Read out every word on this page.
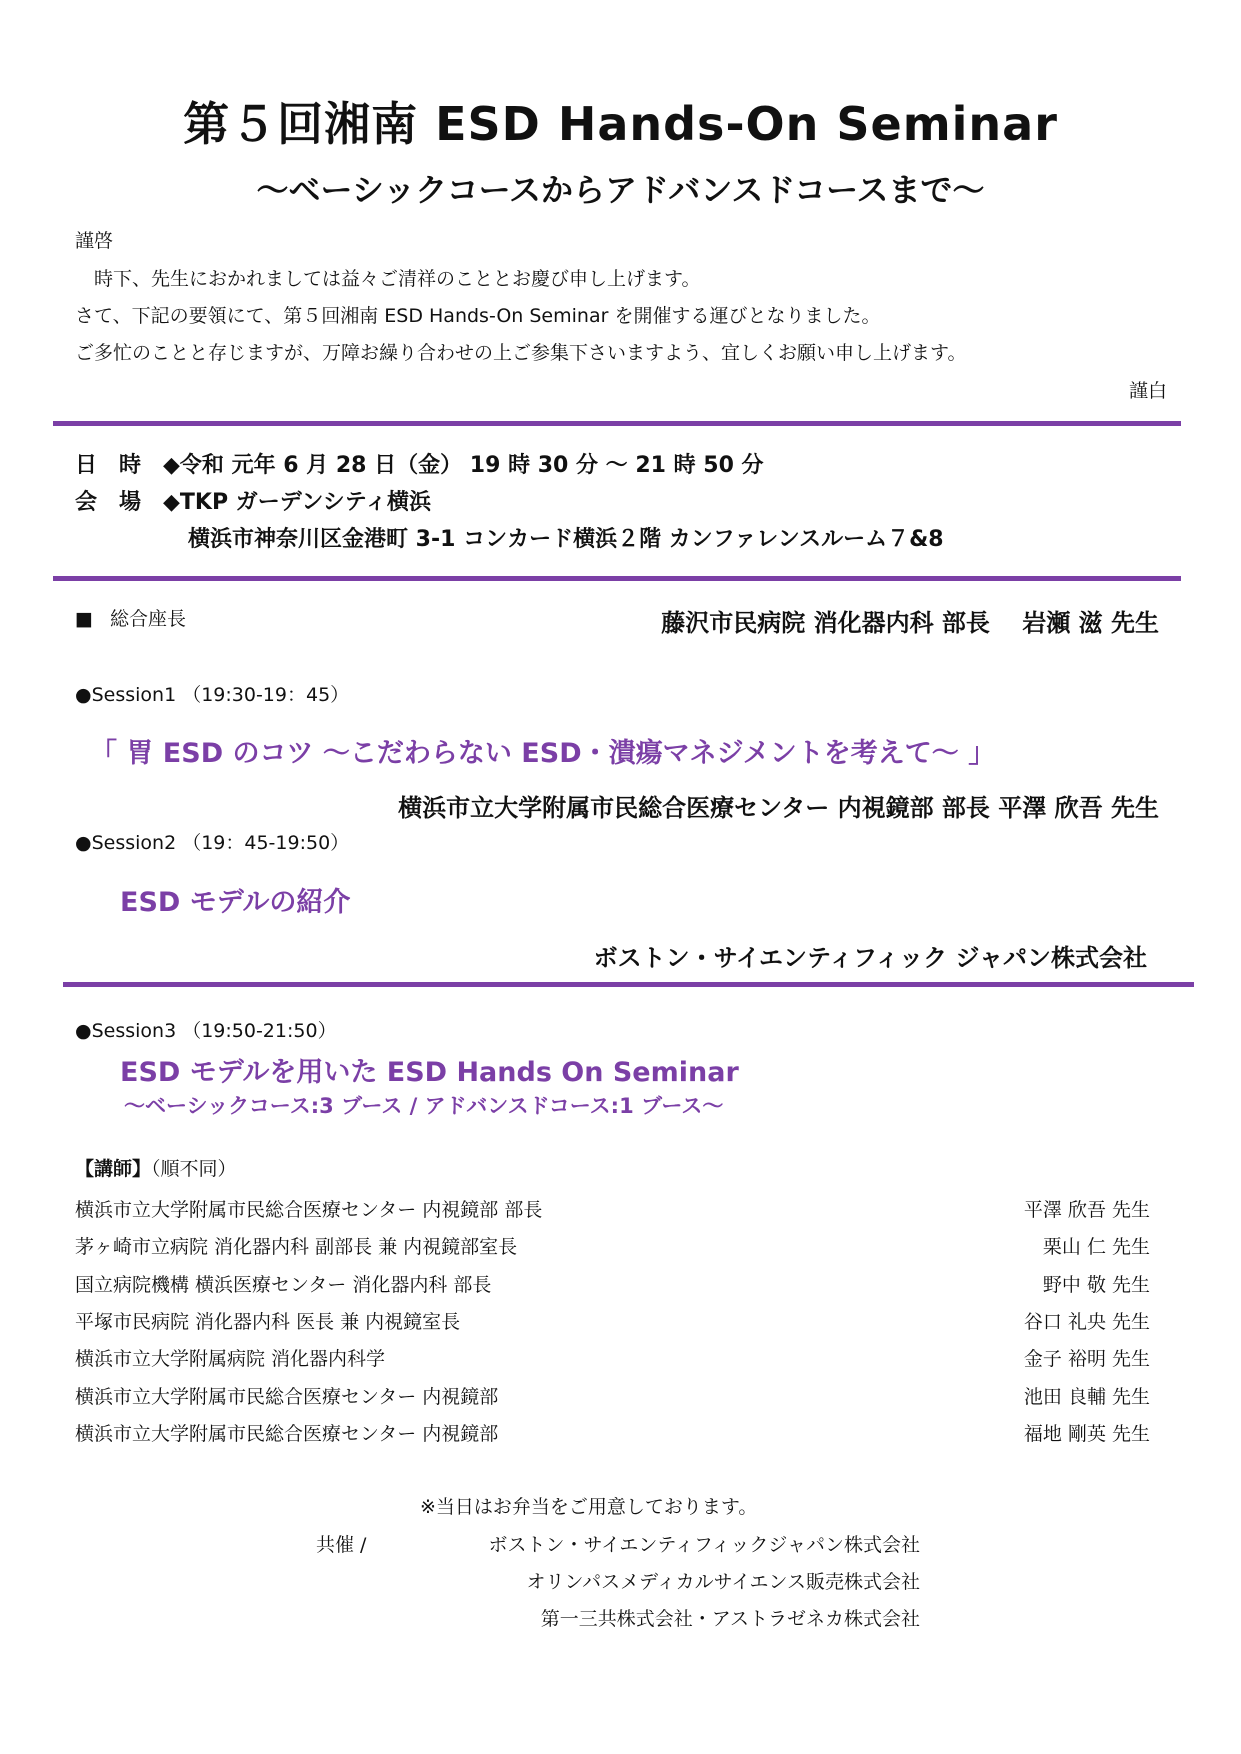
第５回湘南 ESD Hands-On Seminar
～ベーシックコースからアドバンスドコースまで～
謹啓
　時下、先生におかれましては益々ご清祥のこととお慶び申し上げます。
さて、下記の要領にて、第５回湘南 ESD Hands-On Seminar を開催する運びとなりました。
ご多忙のことと存じますが、万障お繰り合わせの上ご参集下さいますよう、宜しくお願い申し上げます。
謹白
日　時 ◆令和 元年 6 月 28 日（金） 19 時 30 分 ～ 21 時 50 分
会　場 ◆TKP ガーデンシティ横浜
横浜市神奈川区金港町 3-1 コンカード横浜２階 カンファレンスルーム７&8
■ 総合座長	藤沢市民病院 消化器内科 部長　 岩瀬 滋 先生
●Session1 （19:30-19：45）
「 胃 ESD のコツ ～こだわらない ESD・潰瘍マネジメントを考えて～ 」
横浜市立大学附属市民総合医療センター 内視鏡部 部長 平澤 欣吾 先生
●Session2 （19：45-19:50）
ESD モデルの紹介
ボストン・サイエンティフィック ジャパン株式会社
●Session3 （19:50-21:50）
ESD モデルを用いた ESD Hands On Seminar
～ベーシックコース:3 ブース / アドバンスドコース:1 ブース～
【講師】（順不同）
横浜市立大学附属市民総合医療センター 内視鏡部 部長	平澤 欣吾 先生
茅ヶ崎市立病院 消化器内科 副部長 兼 内視鏡部室長	栗山 仁 先生
国立病院機構 横浜医療センター 消化器内科 部長	野中 敬 先生
平塚市民病院 消化器内科 医長 兼 内視鏡室長	谷口 礼央 先生
横浜市立大学附属病院 消化器内科学	金子 裕明 先生
横浜市立大学附属市民総合医療センター 内視鏡部	池田 良輔 先生
横浜市立大学附属市民総合医療センター 内視鏡部	福地 剛英 先生
※当日はお弁当をご用意しております。
共催 /	ボストン・サイエンティフィックジャパン株式会社
オリンパスメディカルサイエンス販売株式会社
第一三共株式会社・アストラゼネカ株式会社
